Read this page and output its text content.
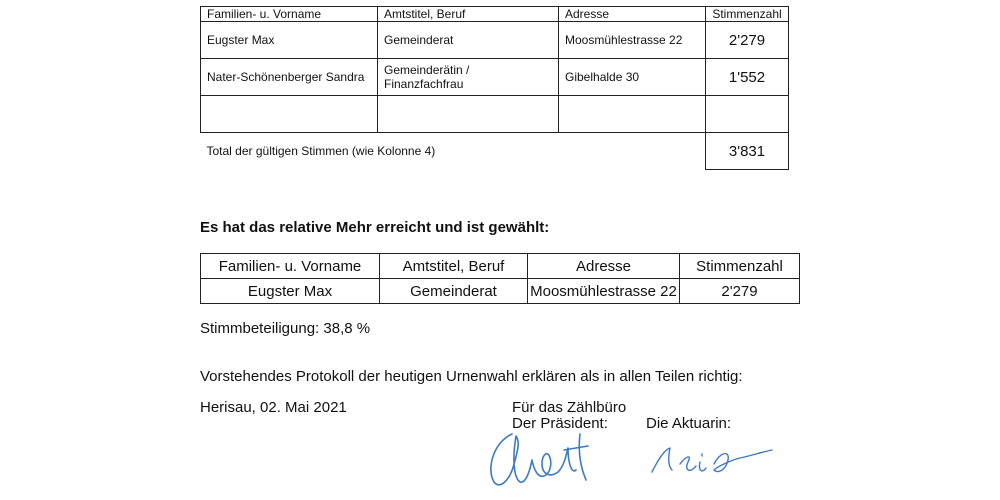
Familien- u. Vorname	Amtstitel, Beruf	Adresse	Stimmenzahl
Eugster Max	Gemeinderat	Moosmühlestrasse 22	2'279
Nater-Schönenberger Sandra	Gemeinderätin / Finanzfachfrau	Gibelhalde 30	1'552

Total der gültigen Stimmen (wie Kolonne 4)			3'831
Es hat das relative Mehr erreicht und ist gewählt:
Familien- u. Vorname	Amtstitel, Beruf	Adresse	Stimmenzahl
Eugster Max	Gemeinderat	Moosmühlestrasse 22	2'279
Stimmbeteiligung: 38,8 %
Vorstehendes Protokoll der heutigen Urnenwahl erklären als in allen Teilen richtig:
Herisau, 02. Mai 2021	Für das Zählbüro
Der Präsident:	Die Aktuarin:
